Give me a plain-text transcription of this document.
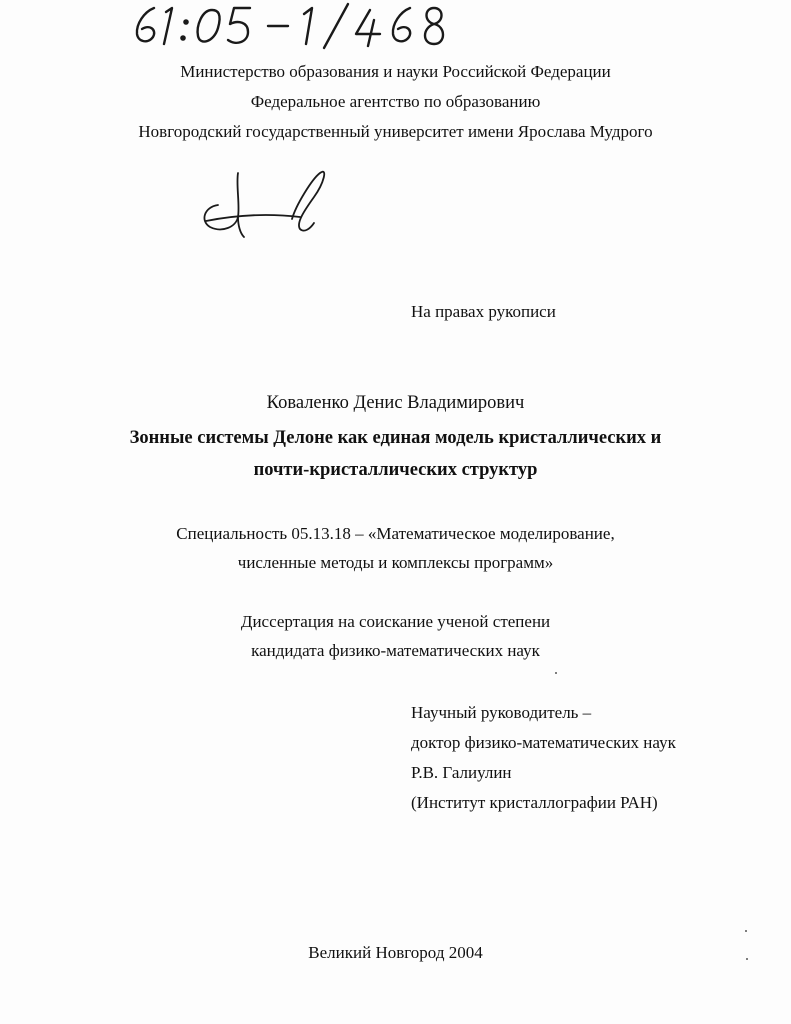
Министерство образования и науки Российской Федерации
Федеральное агентство по образованию
Новгородский государственный университет имени Ярослава Мудрого
На правах рукописи
Коваленко Денис Владимирович
Зонные системы Делоне как единая модель кристаллических и
почти-кристаллических структур
Специальность 05.13.18 – «Математическое моделирование,
численные методы и комплексы программ»
Диссертация на соискание ученой степени
кандидата физико-математических наук
Научный руководитель –
доктор физико-математических наук
Р.В. Галиулин
(Институт кристаллографии РАН)
Великий Новгород 2004
